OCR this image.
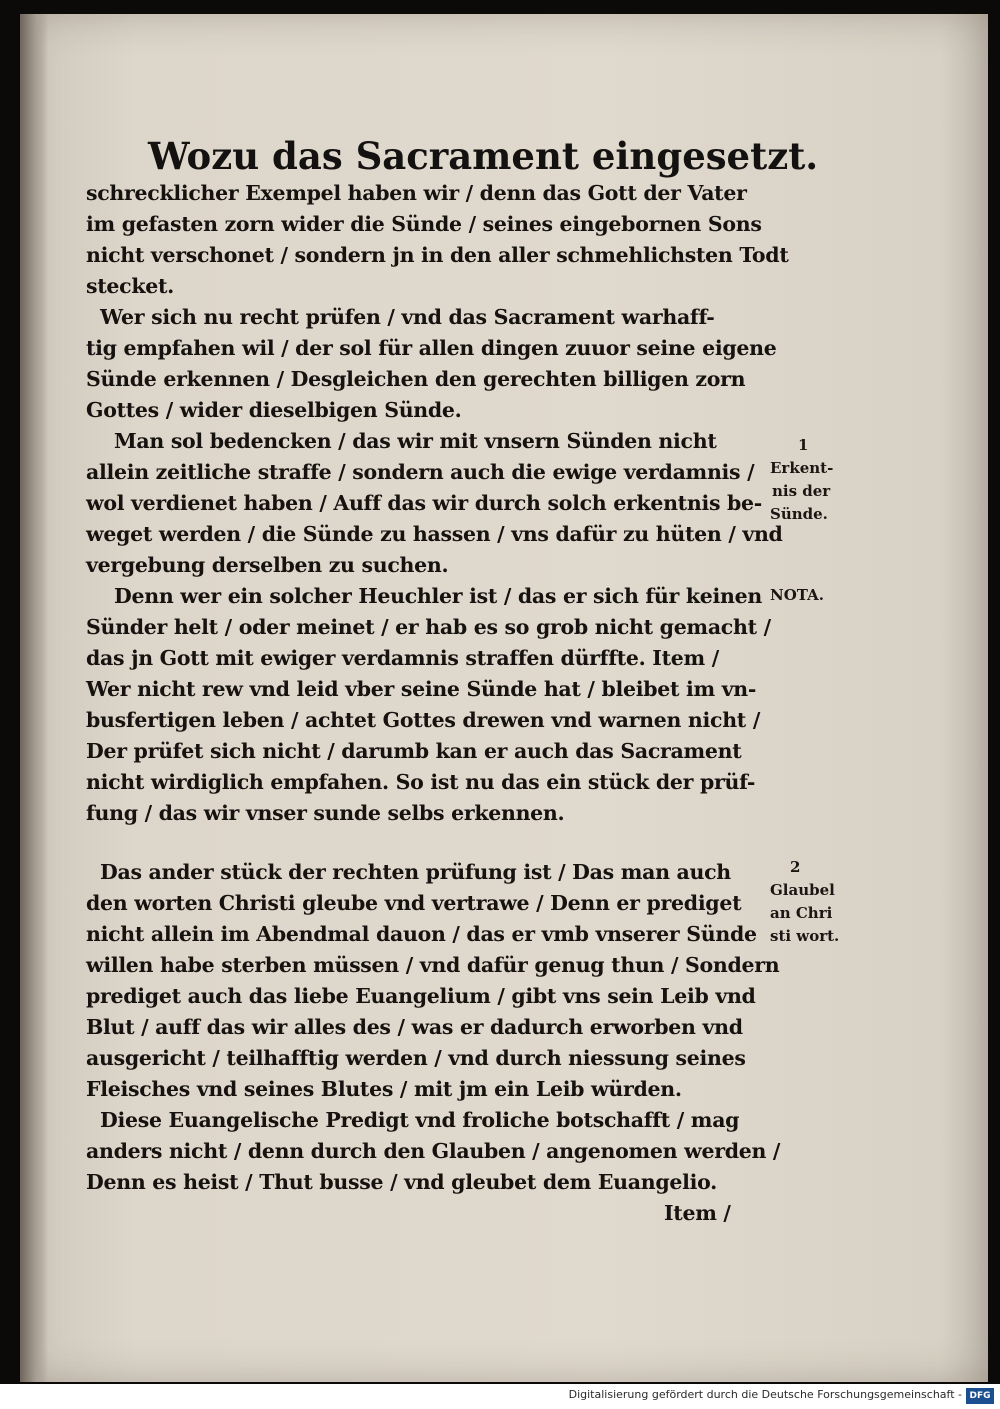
Wozu das Sacrament eingesetzt.
schrecklicher Exempel haben wir / denn das Gott der Vater
im gefasten zorn wider die Sünde / seines eingebornen Sons
nicht verschonet / sondern jn in den aller schmehlichsten Todt
stecket.
Wer sich nu recht prüfen / vnd das Sacrament warhaff-
tig empfahen wil / der sol für allen dingen zuuor seine eigene
Sünde erkennen / Desgleichen den gerechten billigen zorn
Gottes / wider dieselbigen Sünde.
Man sol bedencken / das wir mit vnsern Sünden nicht
allein zeitliche straffe / sondern auch die ewige verdamnis /
wol verdienet haben / Auff das wir durch solch erkentnis be-
weget werden / die Sünde zu hassen / vns dafür zu hüten / vnd
vergebung derselben zu suchen.
Denn wer ein solcher Heuchler ist / das er sich für keinen
Sünder helt / oder meinet / er hab es so grob nicht gemacht /
das jn Gott mit ewiger verdamnis straffen dürffte. Item /
Wer nicht rew vnd leid vber seine Sünde hat / bleibet im vn-
busfertigen leben / achtet Gottes drewen vnd warnen nicht /
Der prüfet sich nicht / darumb kan er auch das Sacrament
nicht wirdiglich empfahen. So ist nu das ein stück der prüf-
fung / das wir vnser sunde selbs erkennen.
Das ander stück der rechten prüfung ist / Das man auch
den worten Christi gleube vnd vertrawe / Denn er prediget
nicht allein im Abendmal dauon / das er vmb vnserer Sünde
willen habe sterben müssen / vnd dafür genug thun / Sondern
prediget auch das liebe Euangelium / gibt vns sein Leib vnd
Blut / auff das wir alles des / was er dadurch erworben vnd
ausgericht / teilhafftig werden / vnd durch niessung seines
Fleisches vnd seines Blutes / mit jm ein Leib würden.
Diese Euangelische Predigt vnd froliche botschafft / mag
anders nicht / denn durch den Glauben / angenomen werden /
Denn es heist / Thut busse / vnd gleubet dem Euangelio.
Item /
1
Erkent-
nis der
Sünde.
NOTA.
2
Glaubel
an Chri
sti wort.
Digitalisierung gefördert durch die Deutsche Forschungsgemeinschaft - DFG
